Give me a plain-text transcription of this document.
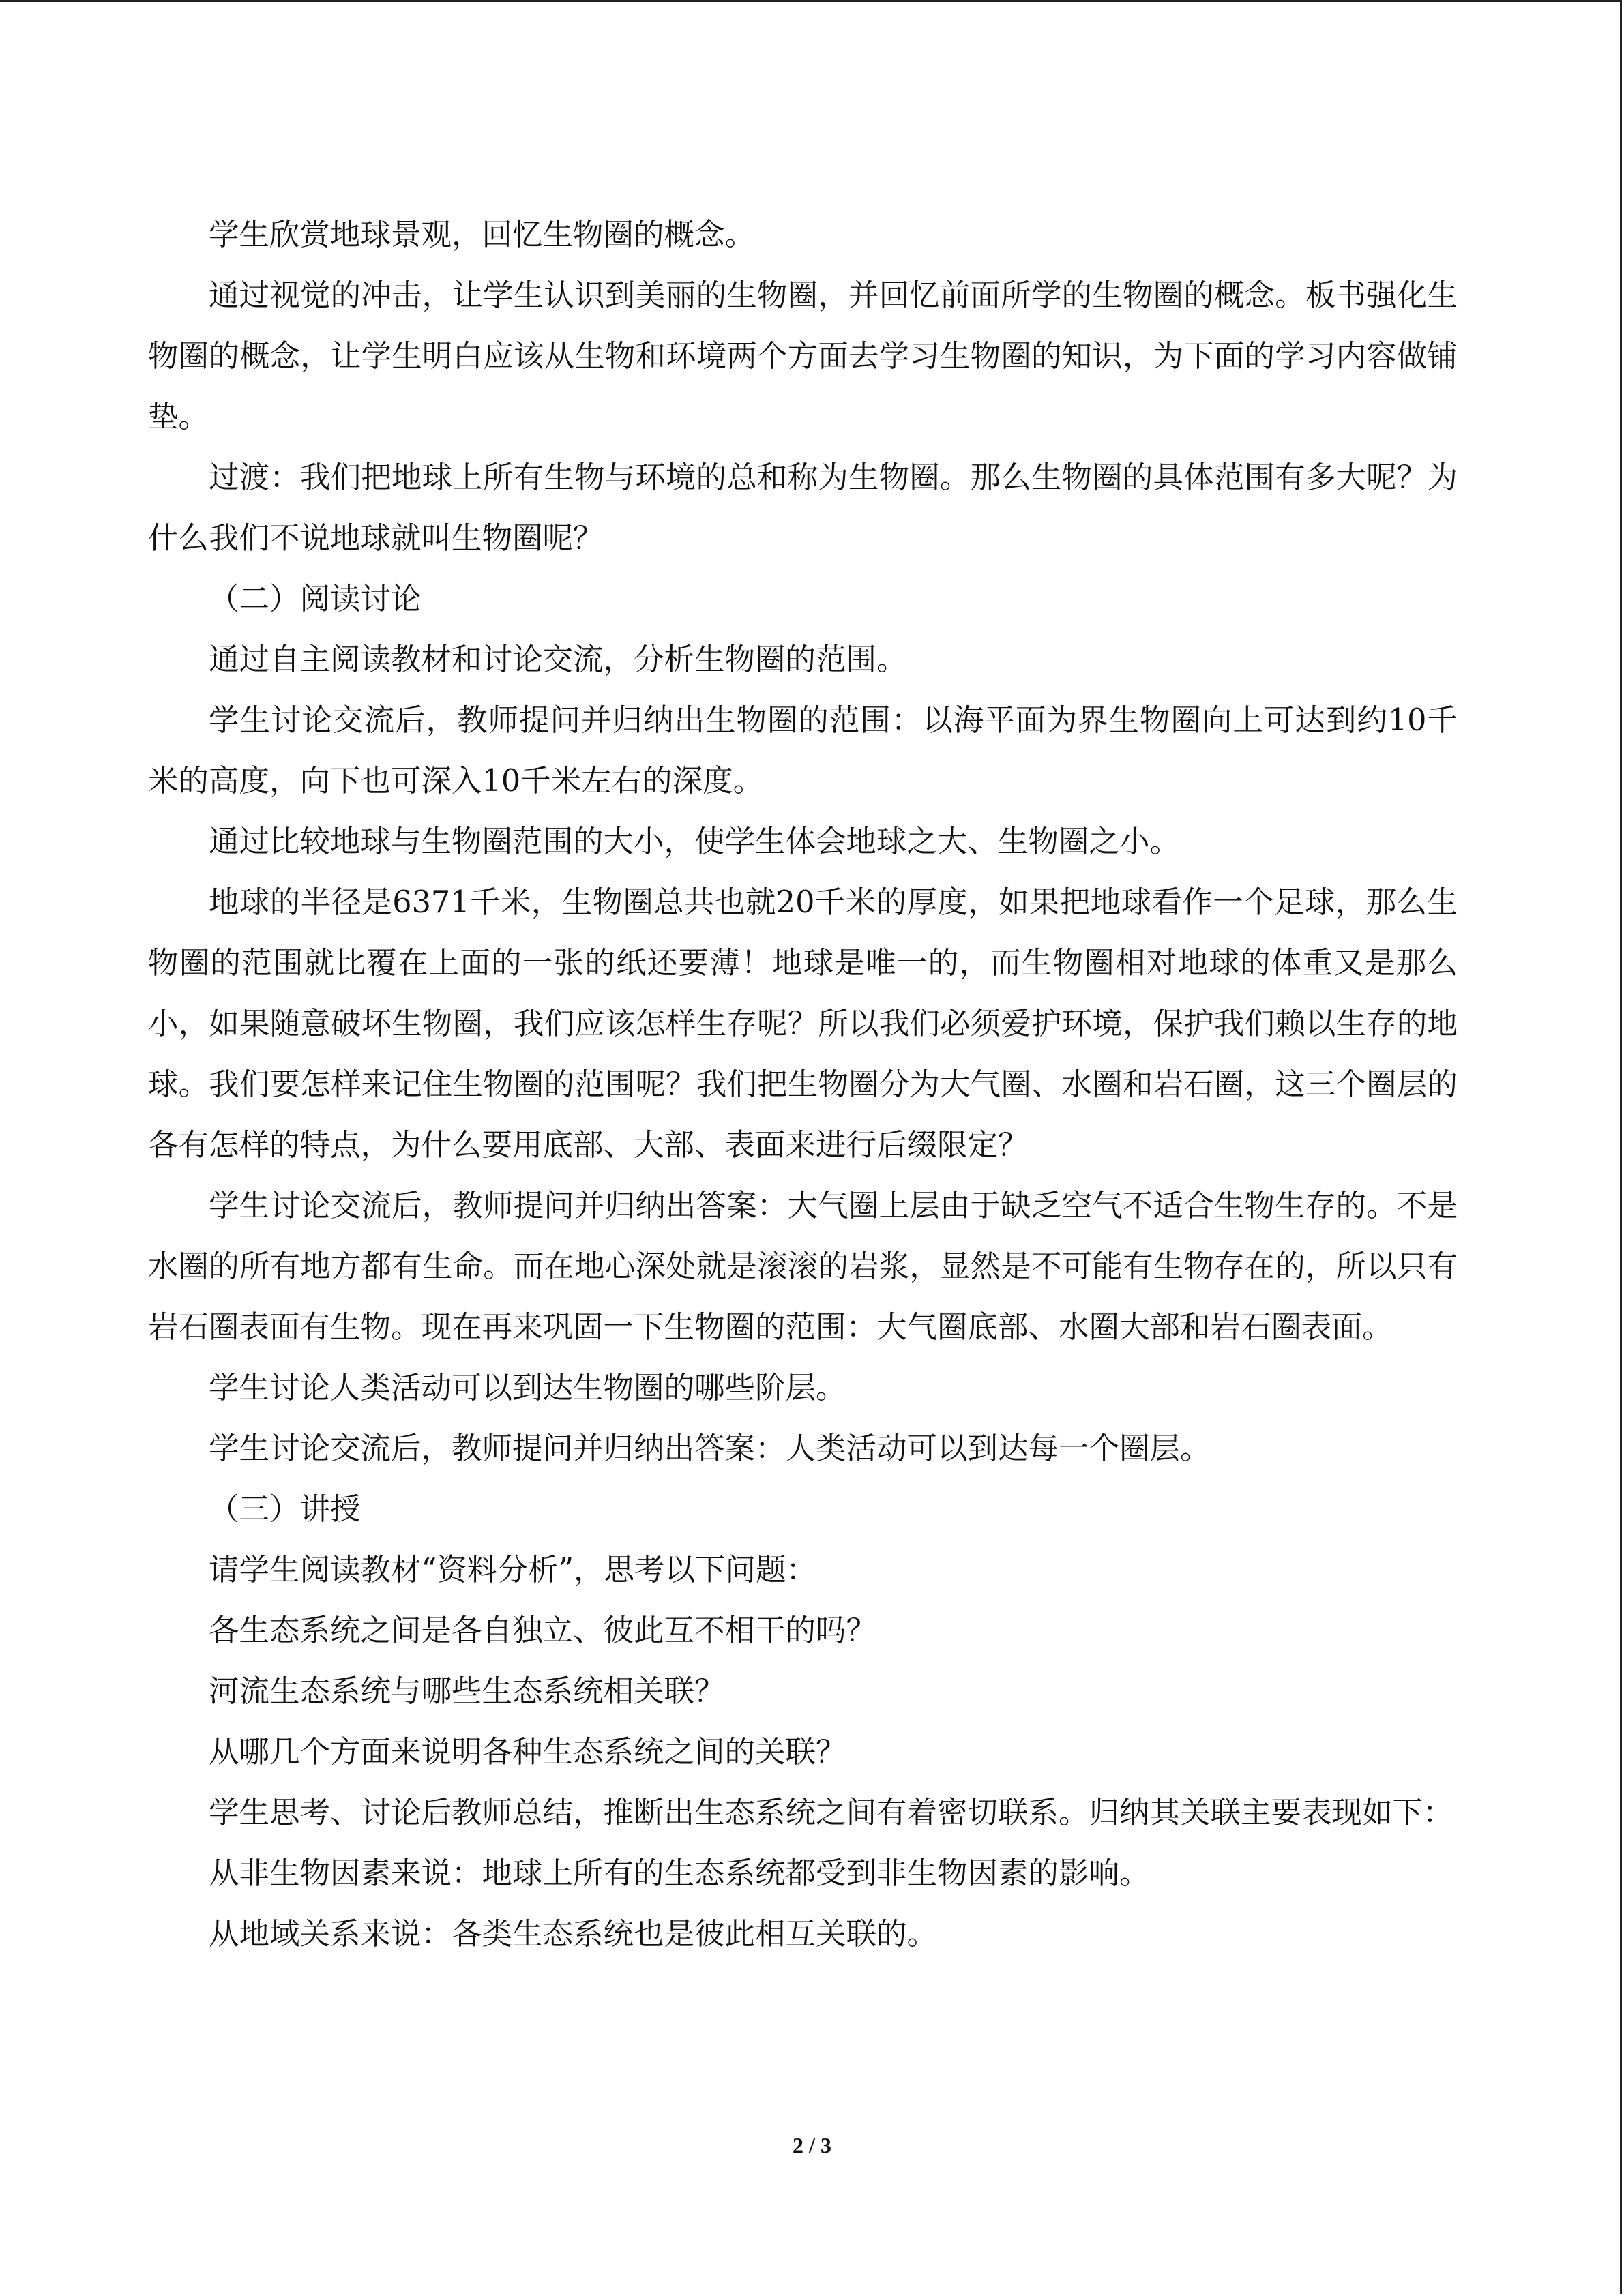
学生欣赏地球景观，回忆生物圈的概念。

通过视觉的冲击，让学生认识到美丽的生物圈，并回忆前面所学的生物圈的概念。板书强化生物圈的概念，让学生明白应该从生物和环境两个方面去学习生物圈的知识，为下面的学习内容做铺垫。

过渡：我们把地球上所有生物与环境的总和称为生物圈。那么生物圈的具体范围有多大呢？为什么我们不说地球就叫生物圈呢？

（二）阅读讨论

通过自主阅读教材和讨论交流，分析生物圈的范围。

学生讨论交流后，教师提问并归纳出生物圈的范围：以海平面为界生物圈向上可达到约10千米的高度，向下也可深入10千米左右的深度。

通过比较地球与生物圈范围的大小，使学生体会地球之大、生物圈之小。

地球的半径是6371千米，生物圈总共也就20千米的厚度，如果把地球看作一个足球，那么生物圈的范围就比覆在上面的一张的纸还要薄！地球是唯一的，而生物圈相对地球的体重又是那么小，如果随意破坏生物圈，我们应该怎样生存呢？所以我们必须爱护环境，保护我们赖以生存的地球。我们要怎样来记住生物圈的范围呢？我们把生物圈分为大气圈、水圈和岩石圈，这三个圈层的各有怎样的特点，为什么要用底部、大部、表面来进行后缀限定？

学生讨论交流后，教师提问并归纳出答案：大气圈上层由于缺乏空气不适合生物生存的。不是水圈的所有地方都有生命。而在地心深处就是滚滚的岩浆，显然是不可能有生物存在的，所以只有岩石圈表面有生物。现在再来巩固一下生物圈的范围：大气圈底部、水圈大部和岩石圈表面。

学生讨论人类活动可以到达生物圈的哪些阶层。

学生讨论交流后，教师提问并归纳出答案：人类活动可以到达每一个圈层。

（三）讲授

请学生阅读教材“资料分析”，思考以下问题：

各生态系统之间是各自独立、彼此互不相干的吗？

河流生态系统与哪些生态系统相关联？

从哪几个方面来说明各种生态系统之间的关联？

学生思考、讨论后教师总结，推断出生态系统之间有着密切联系。归纳其关联主要表现如下：

从非生物因素来说：地球上所有的生态系统都受到非生物因素的影响。

从地域关系来说：各类生态系统也是彼此相互关联的。

2 / 3
